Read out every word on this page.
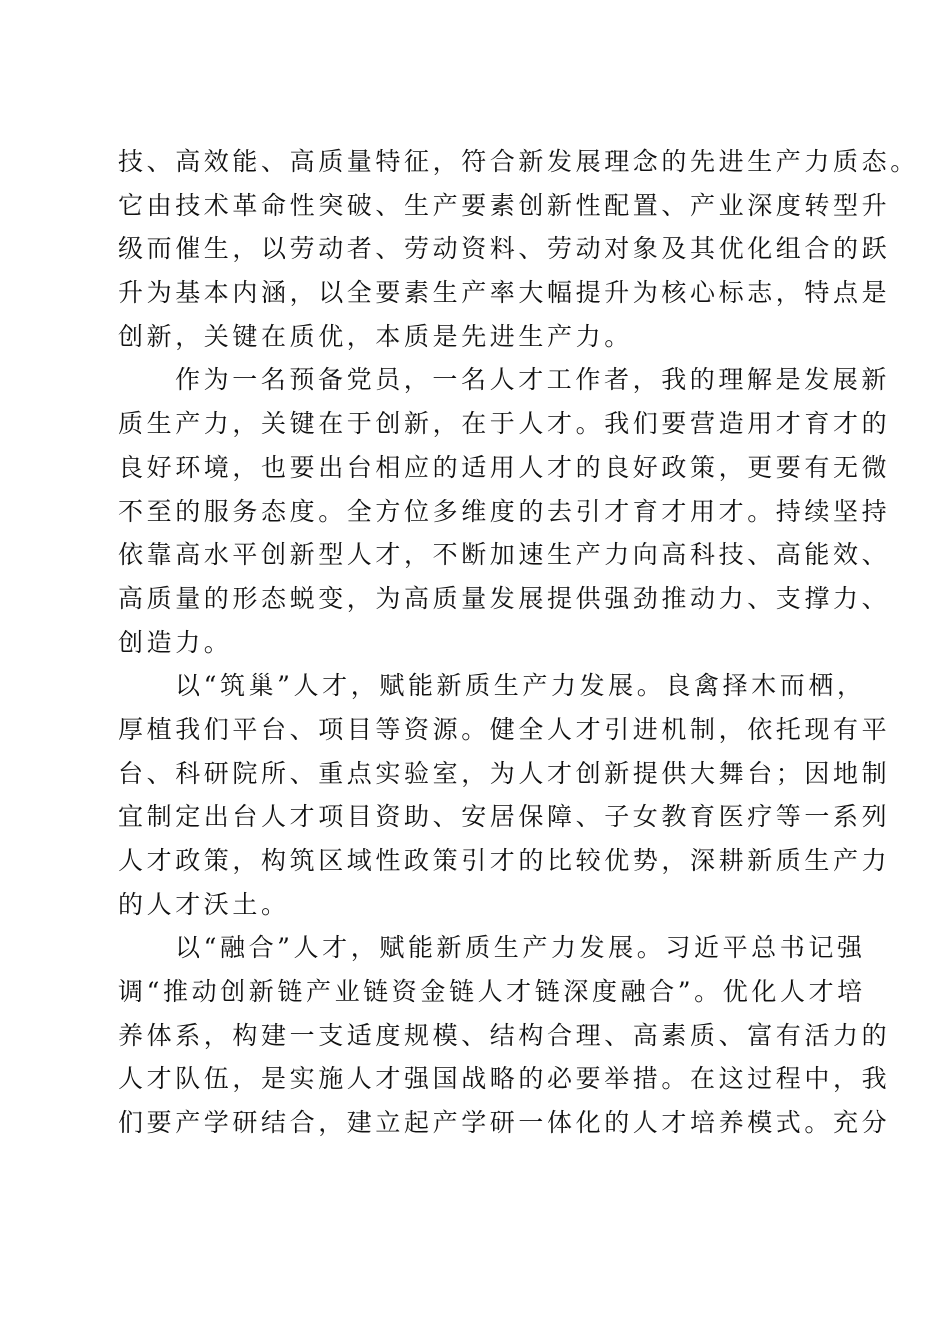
技、高效能、高质量特征，符合新发展理念的先进生产力质态。
它由技术革命性突破、生产要素创新性配置、产业深度转型升
级而催生，以劳动者、劳动资料、劳动对象及其优化组合的跃
升为基本内涵，以全要素生产率大幅提升为核心标志，特点是
创新，关键在质优，本质是先进生产力。
作为一名预备党员，一名人才工作者，我的理解是发展新
质生产力，关键在于创新，在于人才。我们要营造用才育才的
良好环境，也要出台相应的适用人才的良好政策，更要有无微
不至的服务态度。全方位多维度的去引才育才用才。持续坚持
依靠高水平创新型人才，不断加速生产力向高科技、高能效、
高质量的形态蜕变，为高质量发展提供强劲推动力、支撑力、
创造力。
以“筑巢”人才，赋能新质生产力发展。良禽择木而栖，
厚植我们平台、项目等资源。健全人才引进机制，依托现有平
台、科研院所、重点实验室，为人才创新提供大舞台；因地制
宜制定出台人才项目资助、安居保障、子女教育医疗等一系列
人才政策，构筑区域性政策引才的比较优势，深耕新质生产力
的人才沃土。
以“融合”人才，赋能新质生产力发展。习近平总书记强
调“推动创新链产业链资金链人才链深度融合”。优化人才培
养体系，构建一支适度规模、结构合理、高素质、富有活力的
人才队伍，是实施人才强国战略的必要举措。在这过程中，我
们要产学研结合，建立起产学研一体化的人才培养模式。充分
